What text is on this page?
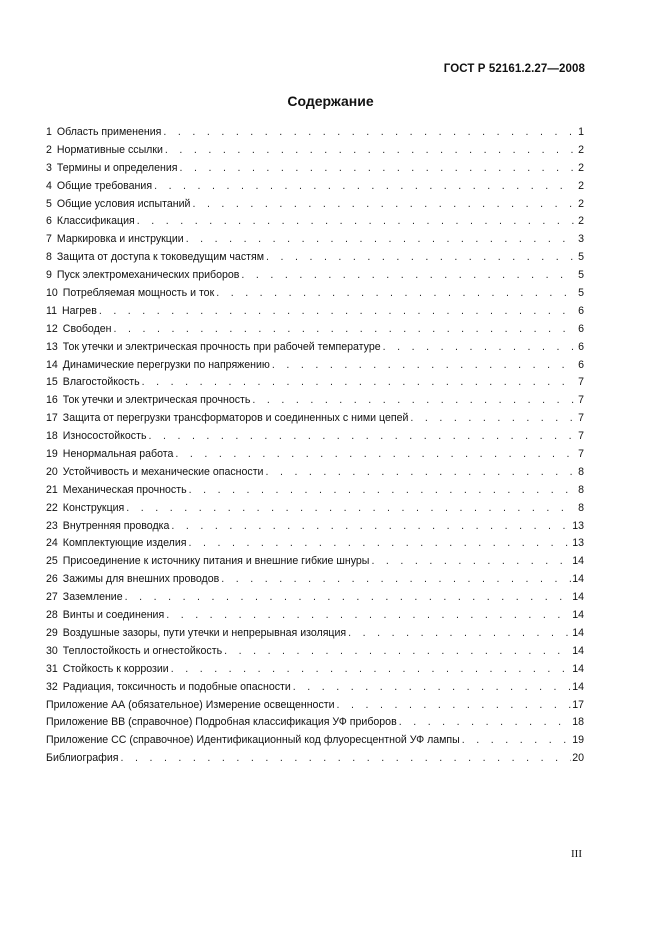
ГОСТ Р 52161.2.27—2008
Содержание
1 Область применения . . .	1
2 Нормативные ссылки . . .	2
3 Термины и определения . . .	2
4 Общие требования . . .	2
5 Общие условия испытаний . . .	2
6 Классификация . . .	2
7 Маркировка и инструкции . . .	3
8 Защита от доступа к токоведущим частям . . .	5
9 Пуск электромеханических приборов . . .	5
10 Потребляемая мощность и ток . . .	5
11 Нагрев . . .	6
12 Свободен . . .	6
13 Ток утечки и электрическая прочность при рабочей температуре . . .	6
14 Динамические перегрузки по напряжению . . .	6
15 Влагостойкость . . .	7
16 Ток утечки и электрическая прочность . . .	7
17 Защита от перегрузки трансформаторов и соединенных с ними цепей . . .	7
18 Износостойкость . . .	7
19 Ненормальная работа . . .	7
20 Устойчивость и механические опасности . . .	8
21 Механическая прочность . . .	8
22 Конструкция . . .	8
23 Внутренняя проводка . . .	13
24 Комплектующие изделия . . .	13
25 Присоединение к источнику питания и внешние гибкие шнуры . . .	14
26 Зажимы для внешних проводов . . .	14
27 Заземление . . .	14
28 Винты и соединения . . .	14
29 Воздушные зазоры, пути утечки и непрерывная изоляция . . .	14
30 Теплостойкость и огнестойкость . . .	14
31 Стойкость к коррозии . . .	14
32 Радиация, токсичность и подобные опасности . . .	14
Приложение АА (обязательное) Измерение освещенности . . .	17
Приложение ВВ (справочное) Подробная классификация УФ приборов . . .	18
Приложение СС (справочное) Идентификационный код флуоресцентной УФ лампы . . .	19
Библиография . . .	20
III
